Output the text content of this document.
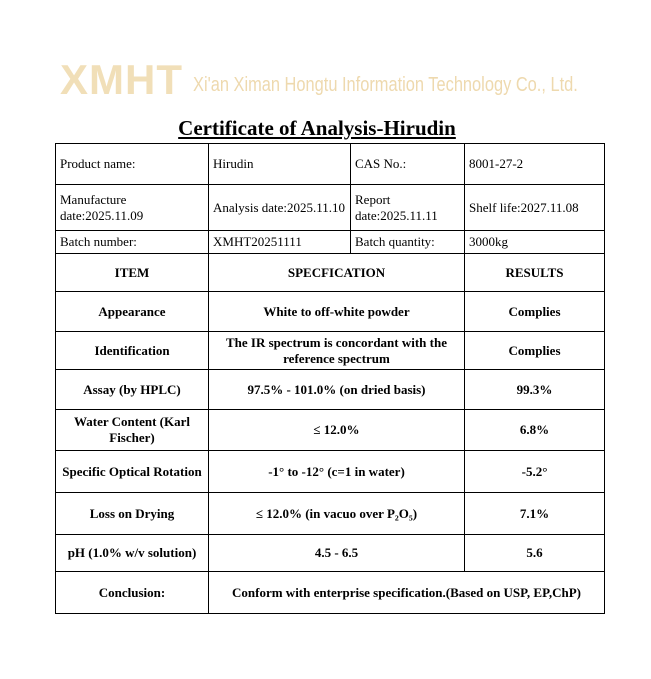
XMHT Xi'an Ximan Hongtu Information Technology Co., Ltd.
Certificate of Analysis-Hirudin
Product name:	Hirudin	CAS No.:	8001-27-2
Manufacture date:2025.11.09	Analysis date:2025.11.10	Report date:2025.11.11	Shelf life:2027.11.08
Batch number:	XMHT20251111	Batch quantity:	3000kg
ITEM	SPECFICATION		RESULTS
Appearance	White to off-white powder		Complies
Identification	The IR spectrum is concordant with the reference spectrum		Complies
Assay (by HPLC)	97.5% - 101.0% (on dried basis)		99.3%
Water Content (Karl Fischer)	≤ 12.0%		6.8%
Specific Optical Rotation	-1° to -12° (c=1 in water)		-5.2°
Loss on Drying	≤ 12.0% (in vacuo over P₂O₅)		7.1%
pH (1.0% w/v solution)	4.5 - 6.5		5.6
Conclusion:	Conform with enterprise specification.(Based on USP, EP,ChP)		
